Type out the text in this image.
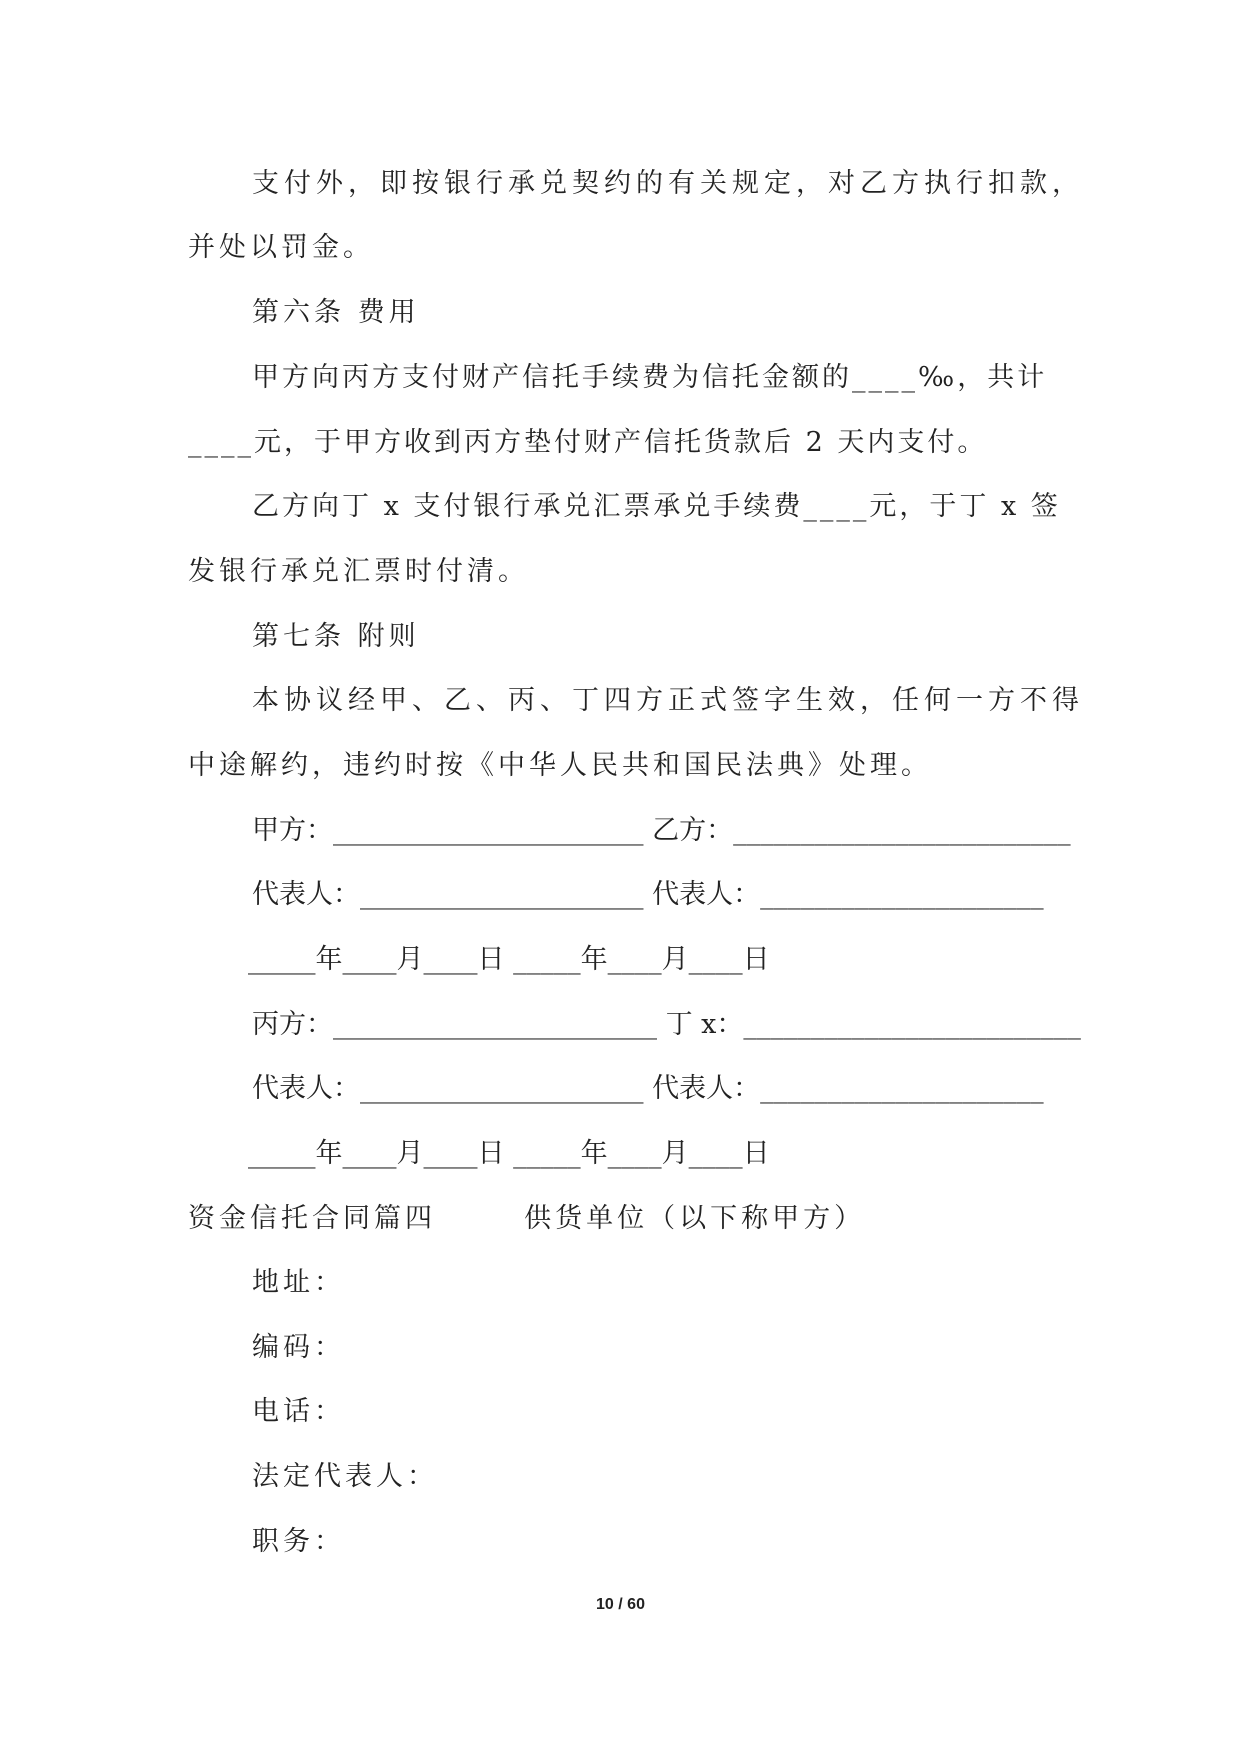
支付外，即按银行承兑契约的有关规定，对乙方执行扣款，
并处以罚金。
第六条 费用
甲方向丙方支付财产信托手续费为信托金额的____‰，共计
____元，于甲方收到丙方垫付财产信托货款后 2 天内支付。
乙方向丁 x 支付银行承兑汇票承兑手续费____元，于丁 x 签
发银行承兑汇票时付清。
第七条 附则
本协议经甲、乙、丙、丁四方正式签字生效，任何一方不得
中途解约，违约时按《中华人民共和国民法典》处理。
甲方：_______________________ 乙方：_________________________
代表人：_____________________ 代表人：_____________________
_____年____月____日 _____年____月____日
丙方：________________________ 丁 x：_________________________
代表人：_____________________ 代表人：_____________________
_____年____月____日 _____年____月____日
资金信托合同篇四       供货单位（以下称甲方）
地址：
编码：
电话：
法定代表人：
职务：
10 / 60
